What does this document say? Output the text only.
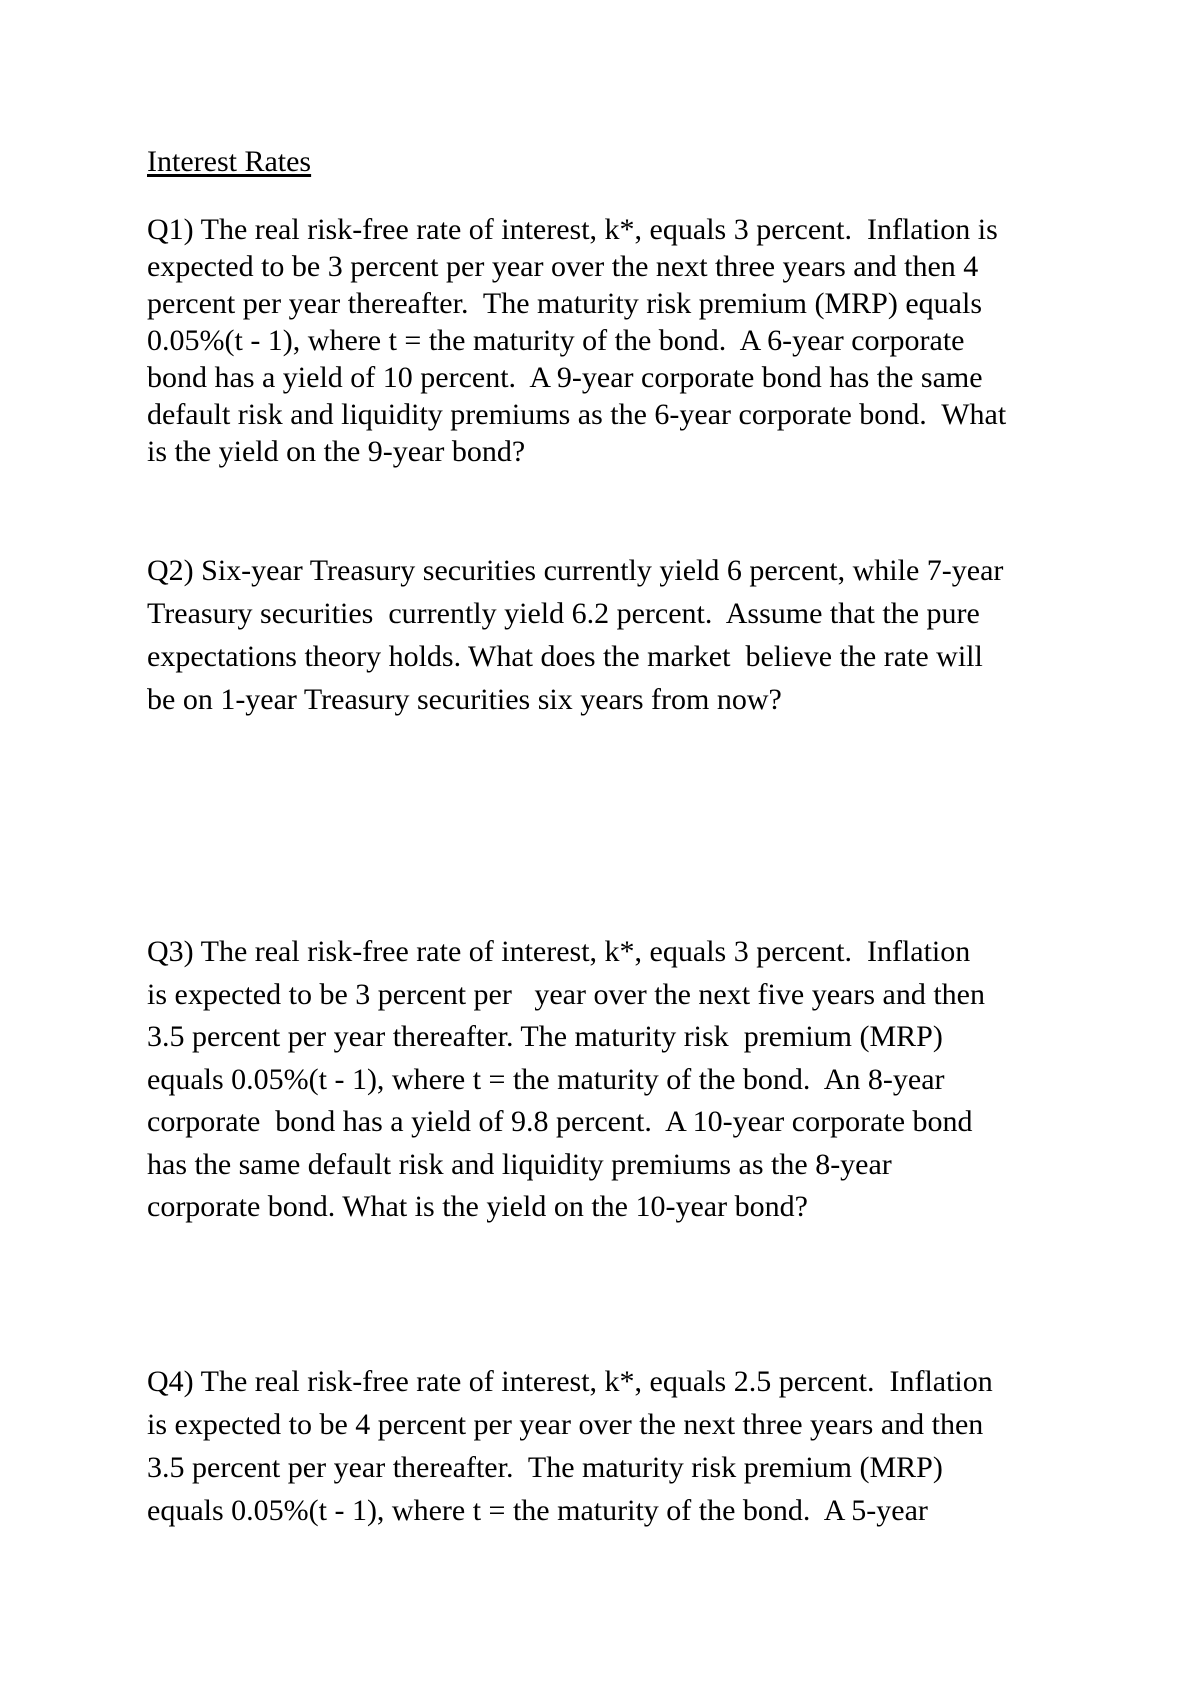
Interest Rates

Q1) The real risk-free rate of interest, k*, equals 3 percent.  Inflation is
expected to be 3 percent per year over the next three years and then 4
percent per year thereafter.  The maturity risk premium (MRP) equals
0.05%(t - 1), where t = the maturity of the bond.  A 6-year corporate
bond has a yield of 10 percent.  A 9-year corporate bond has the same
default risk and liquidity premiums as the 6-year corporate bond.  What
is the yield on the 9-year bond?

Q2) Six-year Treasury securities currently yield 6 percent, while 7-year
Treasury securities  currently yield 6.2 percent.  Assume that the pure
expectations theory holds. What does the market  believe the rate will
be on 1-year Treasury securities six years from now?

Q3) The real risk-free rate of interest, k*, equals 3 percent.  Inflation
is expected to be 3 percent per   year over the next five years and then
3.5 percent per year thereafter. The maturity risk  premium (MRP)
equals 0.05%(t - 1), where t = the maturity of the bond.  An 8-year
corporate  bond has a yield of 9.8 percent.  A 10-year corporate bond
has the same default risk and liquidity premiums as the 8-year
corporate bond. What is the yield on the 10-year bond?

Q4) The real risk-free rate of interest, k*, equals 2.5 percent.  Inflation
is expected to be 4 percent per year over the next three years and then
3.5 percent per year thereafter.  The maturity risk premium (MRP)
equals 0.05%(t - 1), where t = the maturity of the bond.  A 5-year
